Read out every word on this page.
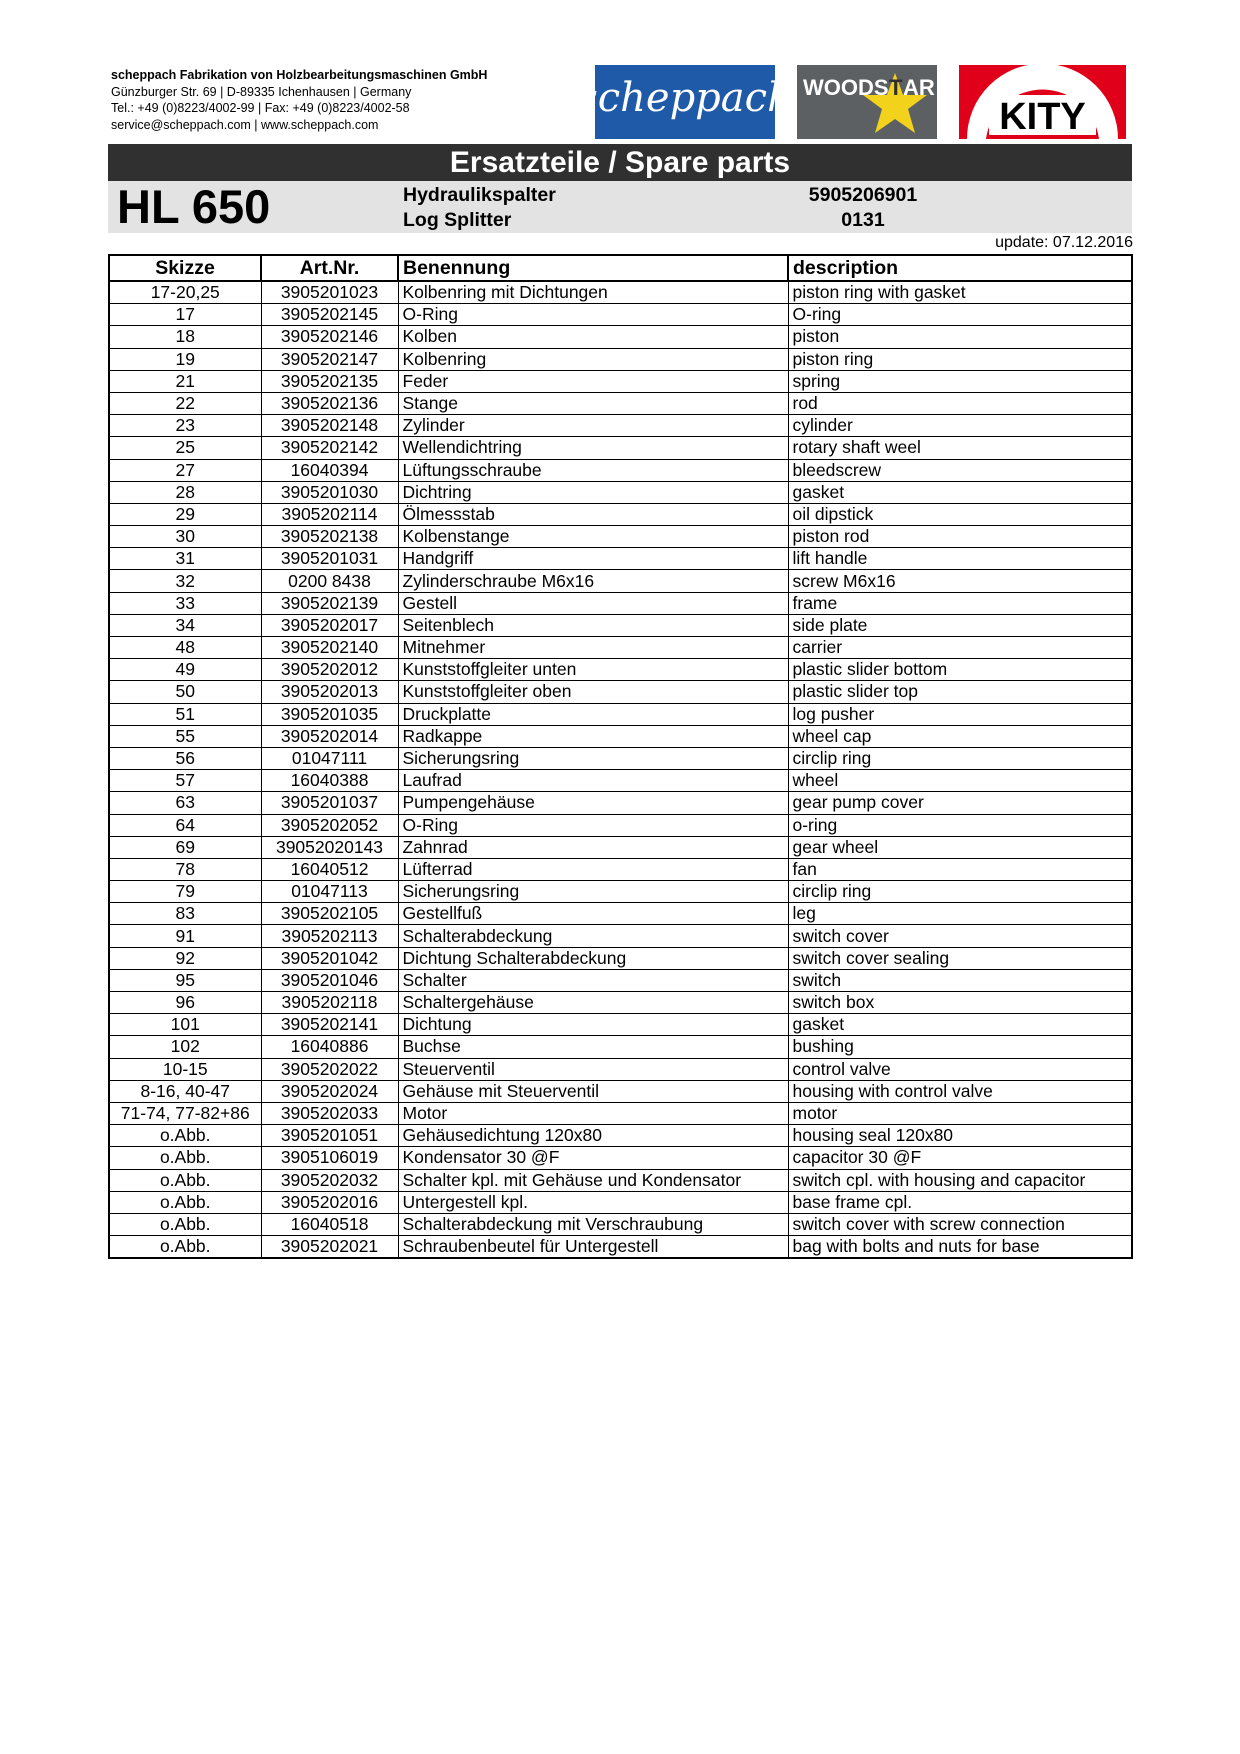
scheppach Fabrikation von Holzbearbeitungsmaschinen GmbH
Günzburger Str. 69 | D-89335 Ichenhausen | Germany
Tel.: +49 (0)8223/4002-99 | Fax: +49 (0)8223/4002-58
service@scheppach.com | www.scheppach.com
scheppach WOODS T AR
KITY
Ersatzteile / Spare parts
HL 650	Hydraulikspalter
Log Splitter
5905206901
0131
update: 07.12.2016
Skizze	Art.Nr.	Benennung	description
17-20,25	3905201023	Kolbenring mit Dichtungen	piston ring with gasket
17	3905202145	O-Ring	O-ring
18	3905202146	Kolben	piston
19	3905202147	Kolbenring	piston ring
21	3905202135	Feder	spring
22	3905202136	Stange	rod
23	3905202148	Zylinder	cylinder
25	3905202142	Wellendichtring	rotary shaft weel
27	16040394	Lüftungsschraube	bleedscrew
28	3905201030	Dichtring	gasket
29	3905202114	Ölmessstab	oil dipstick
30	3905202138	Kolbenstange	piston rod
31	3905201031	Handgriff	lift handle
32	0200 8438	Zylinderschraube M6x16	screw M6x16
33	3905202139	Gestell	frame
34	3905202017	Seitenblech	side plate
48	3905202140	Mitnehmer	carrier
49	3905202012	Kunststoffgleiter unten	plastic slider bottom
50	3905202013	Kunststoffgleiter oben	plastic slider top
51	3905201035	Druckplatte	log pusher
55	3905202014	Radkappe	wheel cap
56	01047111	Sicherungsring	circlip ring
57	16040388	Laufrad	wheel
63	3905201037	Pumpengehäuse	gear pump cover
64	3905202052	O-Ring	o-ring
69	39052020143	Zahnrad	gear wheel
78	16040512	Lüfterrad	fan
79	01047113	Sicherungsring	circlip ring
83	3905202105	Gestellfuß	leg
91	3905202113	Schalterabdeckung	switch cover
92	3905201042	Dichtung Schalterabdeckung	switch cover sealing
95	3905201046	Schalter	switch
96	3905202118	Schaltergehäuse	switch box
101	3905202141	Dichtung	gasket
102	16040886	Buchse	bushing
10-15	3905202022	Steuerventil	control valve
8-16, 40-47	3905202024	Gehäuse mit Steuerventil	housing with control valve
71-74, 77-82+86	3905202033	Motor	motor
o.Abb.	3905201051	Gehäusedichtung 120x80	housing seal 120x80
o.Abb.	3905106019	Kondensator 30 @F	capacitor 30 @F
o.Abb.	3905202032	Schalter kpl. mit Gehäuse und Kondensator	switch cpl. with housing and capacitor
o.Abb.	3905202016	Untergestell kpl.	base frame cpl.
o.Abb.	16040518	Schalterabdeckung mit Verschraubung	switch cover with screw connection
o.Abb.	3905202021	Schraubenbeutel für Untergestell	bag with bolts and nuts for base
